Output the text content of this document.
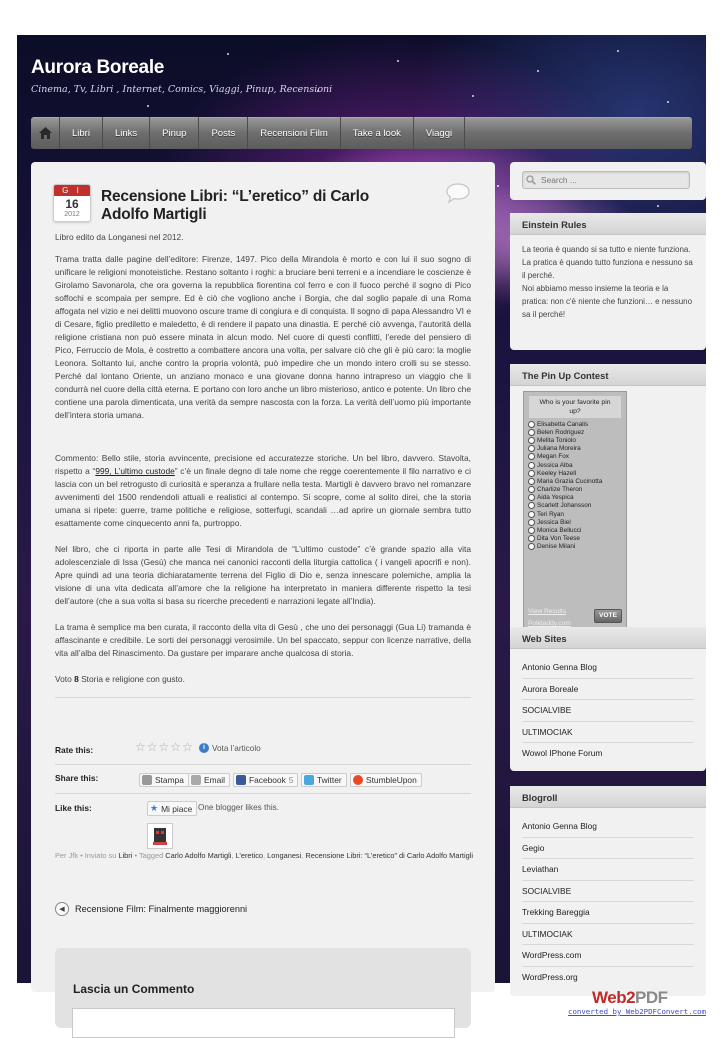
Aurora Boreale
Cinema, Tv, Libri , Internet, Comics, Viaggi, Pinup, Recensioni
Libri	Links	Pinup	Posts	Recensioni Film	Take a look	Viaggi
G I
16
2012
Recensione Libri: “L’eretico” di Carlo Adolfo Martigli

Libro edito da Longanesi nel 2012.

Trama tratta dalle pagine dell’editore: Firenze, 1497. Pico della Mirandola è morto e con lui il suo sogno di unificare le religioni monoteistiche. Restano soltanto i roghi: a bruciare beni terreni e a incendiare le coscienze è Girolamo Savonarola, che ora governa la repubblica fiorentina col ferro e con il fuoco perché il sogno di Pico soffochi e scompaia per sempre. Ed è ciò che vogliono anche i Borgia, che dal soglio papale di una Roma affogata nel vizio e nei delitti muovono oscure trame di congiura e di conquista. Il sogno di papa Alessandro VI e di Cesare, figlio prediletto e maledetto, è di rendere il papato una dinastia. E perché ciò avvenga, l’autorità della religione cristiana non può essere minata in alcun modo. Nel cuore di questi conflitti, l’erede del pensiero di Pico, Ferruccio de Mola, è costretto a combattere ancora una volta, per salvare ciò che gli è più caro: la moglie Leonora. Soltanto lui, anche contro la propria volontà, può impedire che un mondo intero crolli su se stesso. Perché dal lontano Oriente, un anziano monaco e una giovane donna hanno intrapreso un viaggio che li condurrà nel cuore della città eterna. E portano con loro anche un libro misterioso, antico e potente. Un libro che contiene una parola dimenticata, una verità da sempre nascosta con la forza. La verità dell’uomo più importante dell’intera storia umana.

Commento: Bello stile, storia avvincente, precisione ed accuratezze storiche. Un bel libro, davvero. Stavolta, rispetto a “999, L’ultimo custode” c’è un finale degno di tale nome che regge coerentemente il filo narrativo e ci lascia con un bel retrogusto di curiosità e speranza a frullare nella testa. Martigli è davvero bravo nel romanzare avvenimenti del 1500 rendendoli attuali e realistici al contempo. Si scopre, come al solito direi, che la storia umana si ripete: guerre, trame politiche e religiose, sotterfugi, scandali …ad aprire un giornale sembra tutto esattamente come cinquecento anni fa, purtroppo.

Nel libro, che ci riporta in parte alle Tesi di Mirandola de “L’ultimo custode” c’è grande spazio alla vita adolescenziale di Issa (Gesù) che manca nei canonici racconti della liturgia cattolica ( i vangeli apocrifi e non). Apre quindi ad una teoria dichiaratamente terrena del Figlio di Dio e, senza innescare polemiche, amplia la visione di una vita dedicata all’amore che la religione ha interpretato in maniera differente rispetto la tesi dell’autore (che a sua volta si basa su ricerche precedenti e narrazioni legate all’India).

La trama è semplice ma ben curata, il racconto della vita di Gesù , che uno dei personaggi (Gua Li) tramanda è affascinante e credibile. Le sorti dei personaggi verosimile. Un bel spaccato, seppur con licenze narrative, della vita all’alba del Rinascimento. Da gustare per imparare anche qualcosa di storia.

Voto 8 Storia e religione con gusto.

Rate this:	☆ ☆ ☆ ☆ ☆	i Vota l’articolo
Share this:	Stampa Email	Facebook 5	Twitter	StumbleUpon
Like this:	★ Mi piace One blogger likes this.
Per Jfk • Inviato su Libri • Tagged Carlo Adolfo Martigli, L’eretico, Longanesi, Recensione Libri: “L’eretico” di Carlo Adolfo Martigli
◀	Recensione Film: Finalmente maggiorenni
Lascia un Commento
Search ...
Einstein Rules
La teoria è quando si sa tutto e niente funziona.
La pratica è quando tutto funziona e nessuno sa il perché.
Noi abbiamo messo insieme la teoria e la pratica: non c'è niente che funzioni… e nessuno sa il perché!
The Pin Up Contest
Who is your favorite pin up?
Elisabetta Canalis
Belen Rodriguez
Melita Toniolo
Juliana Moreira
Megan Fox
Jessica Alba
Keeley Hazell
Maria Grazia Cucinotta
Charlize Theron
Aida Yespica
Scarlett Johansson
Teri Ryan
Jessica Biel
Monica Bellucci
Dita Von Teese
Denise Milani
View Results
Polldaddy.com
VOTE
Web Sites
Antonio Genna Blog
Aurora Boreale
SOCIALVIBE
ULTIMOCIAK
Wowol IPhone Forum
Blogroll
Antonio Genna Blog
Gegio
Leviathan
SOCIALVIBE
Trekking Bareggia
ULTIMOCIAK
WordPress.com
WordPress.org
Web2PDF
converted by Web2PDFConvert.com
